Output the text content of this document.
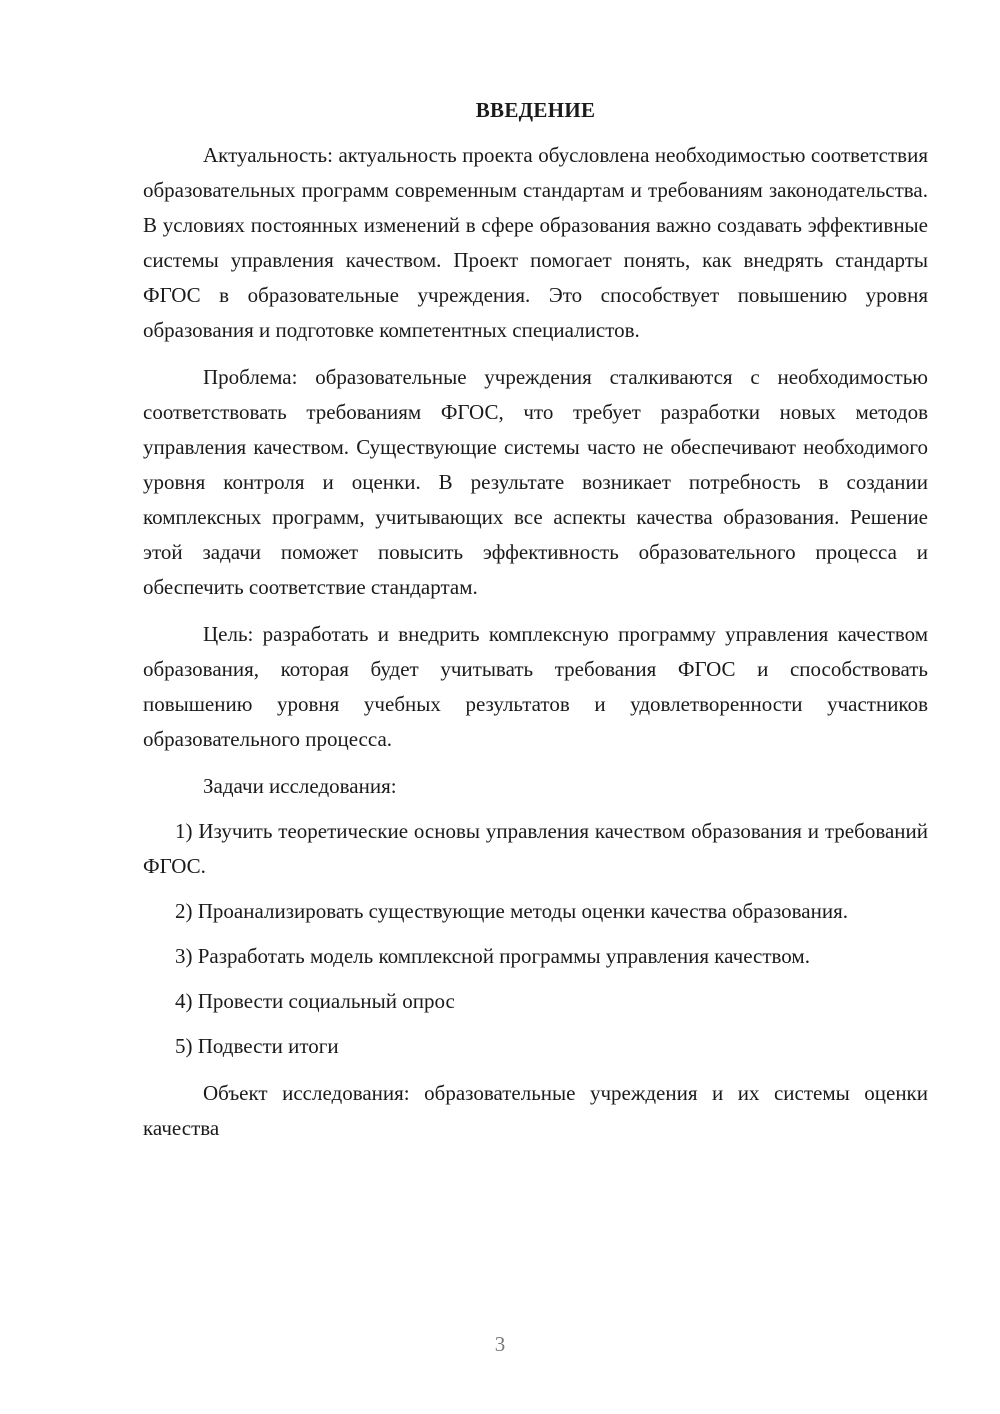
ВВЕДЕНИЕ

Актуальность: актуальность проекта обусловлена необходимостью соответствия образовательных программ современным стандартам и требованиям законодательства. В условиях постоянных изменений в сфере образования важно создавать эффективные системы управления качеством. Проект помогает понять, как внедрять стандарты ФГОС в образовательные учреждения. Это способствует повышению уровня образования и подготовке компетентных специалистов.

Проблема: образовательные учреждения сталкиваются с необходимостью соответствовать требованиям ФГОС, что требует разработки новых методов управления качеством. Существующие системы часто не обеспечивают необходимого уровня контроля и оценки. В результате возникает потребность в создании комплексных программ, учитывающих все аспекты качества образования. Решение этой задачи поможет повысить эффективность образовательного процесса и обеспечить соответствие стандартам.

Цель: разработать и внедрить комплексную программу управления качеством образования, которая будет учитывать требования ФГОС и способствовать повышению уровня учебных результатов и удовлетворенности участников образовательного процесса.

Задачи исследования:

1) Изучить теоретические основы управления качеством образования и требований ФГОС.

2) Проанализировать существующие методы оценки качества образования.

3) Разработать модель комплексной программы управления качеством.

4) Провести социальный опрос

5) Подвести итоги

Объект исследования: образовательные учреждения и их системы оценки качества

3
